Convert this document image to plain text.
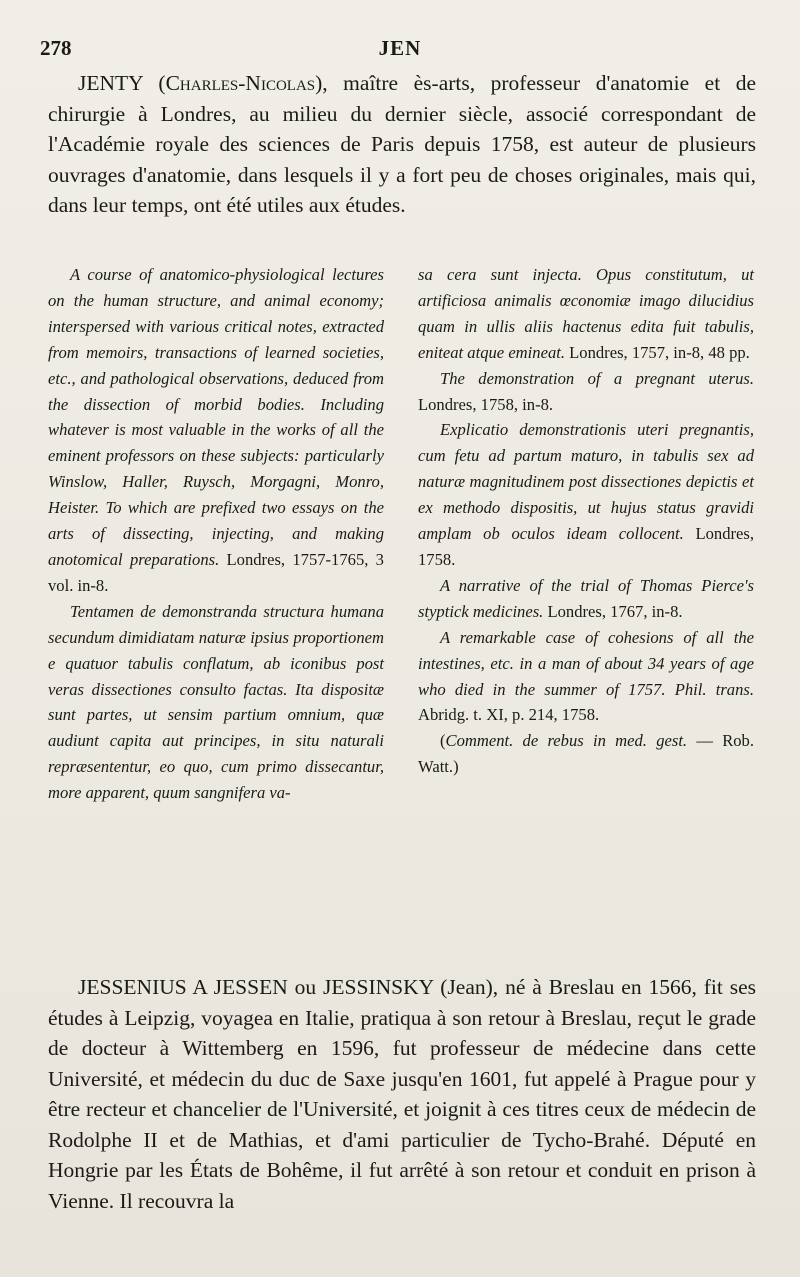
278	JEN

JENTY (Charles-Nicolas), maître ès-arts, professeur d'anatomie et de chirurgie à Londres, au milieu du dernier siècle, associé correspondant de l'Académie royale des sciences de Paris depuis 1758, est auteur de plusieurs ouvrages d'anatomie, dans lesquels il y a fort peu de choses originales, mais qui, dans leur temps, ont été utiles aux études.

A course of anatomico-physiological lectures on the human structure, and animal economy; interspersed with various critical notes, extracted from memoirs, transactions of learned societies, etc., and pathological observations, deduced from the dissection of morbid bodies. Including whatever is most valuable in the works of all the eminent professors on these subjects: particularly Winslow, Haller, Ruysch, Morgagni, Monro, Heister. To which are prefixed two essays on the arts of dissecting, injecting, and making anotomical preparations. Londres, 1757-1765, 3 vol. in-8.

Tentamen de demonstranda structura humana secundum dimidiatam naturæ ipsius proportionem e quatuor tabulis conflatum, ab iconibus post veras dissectiones consulto factas. Ita dispositæ sunt partes, ut sensim partium omnium, quæ audiunt capita aut principes, in situ naturali repræsententur, eo quo, cum primo dissecantur, more apparent, quum sangnifera va-

sa cera sunt injecta. Opus constitutum, ut artificiosa animalis œconomiæ imago dilucidius quam in ullis aliis hactenus edita fuit tabulis, eniteat atque emineat. Londres, 1757, in-8, 48 pp.

The demonstration of a pregnant uterus. Londres, 1758, in-8.

Explicatio demonstrationis uteri pregnantis, cum fetu ad partum maturo, in tabulis sex ad naturæ magnitudinem post dissectiones depictis et ex methodo dispositis, ut hujus status gravidi amplam ob oculos ideam collocent. Londres, 1758.

A narrative of the trial of Thomas Pierce's styptick medicines. Londres, 1767, in-8.

A remarkable case of cohesions of all the intestines, etc. in a man of about 34 years of age who died in the summer of 1757. Phil. trans. Abridg. t. XI, p. 214, 1758.

(Comment. de rebus in med. gest. — Rob. Watt.)

JESSENIUS A JESSEN ou JESSINSKY (Jean), né à Breslau en 1566, fit ses études à Leipzig, voyagea en Italie, pratiqua à son retour à Breslau, reçut le grade de docteur à Wittemberg en 1596, fut professeur de médecine dans cette Université, et médecin du duc de Saxe jusqu'en 1601, fut appelé à Prague pour y être recteur et chancelier de l'Université, et joignit à ces titres ceux de médecin de Rodolphe II et de Mathias, et d'ami particulier de Tycho-Brahé. Député en Hongrie par les États de Bohême, il fut arrêté à son retour et conduit en prison à Vienne. Il recouvra la
